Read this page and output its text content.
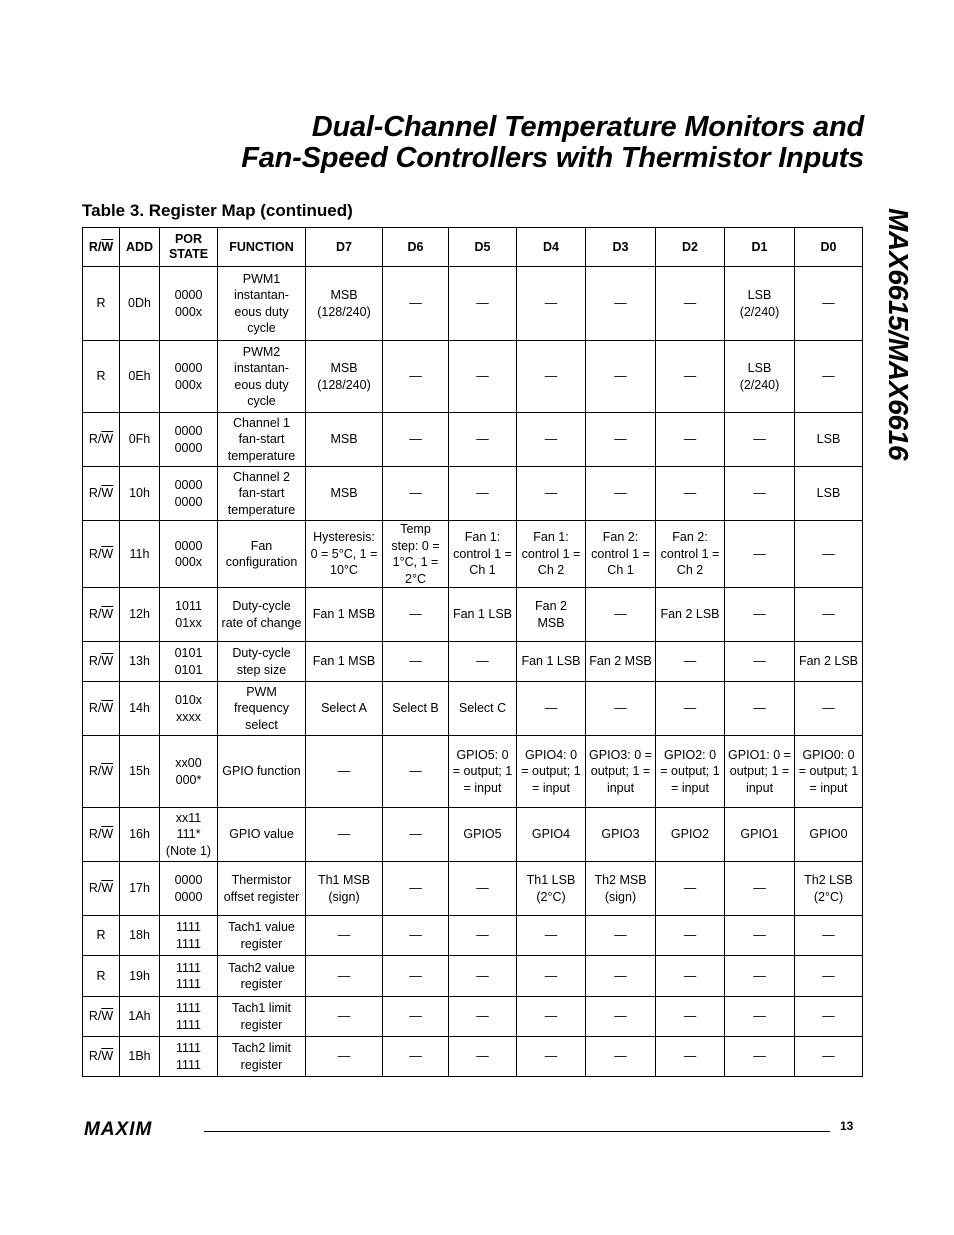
Dual-Channel Temperature Monitors and
Fan-Speed Controllers with Thermistor Inputs
MAX6615/MAX6616
Table 3. Register Map (continued)
$R/\overline{W}$	ADD	POR STATE	FUNCTION	D7	D6	D5	D4	D3	D2	D1	D0
R	0Dh	0000 000x	PWM1 instantan-eous duty cycle	MSB (128/240)	—	—	—	—	—	LSB (2/240)	—
R	0Eh	0000 000x	PWM2 instantan-eous duty cycle	MSB (128/240)	—	—	—	—	—	LSB (2/240)	—
$R/\overline{W}$	0Fh	0000 0000	Channel 1 fan-start temperature	MSB	—	—	—	—	—	—	LSB
$R/\overline{W}$	10h	0000 0000	Channel 2 fan-start temperature	MSB	—	—	—	—	—	—	LSB
$R/\overline{W}$	11h	0000 000x	Fan configuration	Hysteresis: 0 = 5°C, 1 = 10°C	Temp step: 0 = 1°C, 1 = 2°C	Fan 1: control 1 = Ch 1	Fan 1: control 1 = Ch 2	Fan 2: control 1 = Ch 1	Fan 2: control 1 = Ch 2	—	—
$R/\overline{W}$	12h	1011 01xx	Duty-cycle rate of change	Fan 1 MSB	—	Fan 1 LSB	Fan 2 MSB	—	Fan 2 LSB	—	—
$R/\overline{W}$	13h	0101 0101	Duty-cycle step size	Fan 1 MSB	—	—	Fan 1 LSB	Fan 2 MSB	—	—	Fan 2 LSB
$R/\overline{W}$	14h	010x xxxx	PWM frequency select	Select A	Select B	Select C	—	—	—	—	—
$R/\overline{W}$	15h	xx00 000*	GPIO function	—	—	GPIO5: 0 = output; 1 = input	GPIO4: 0 = output; 1 = input	GPIO3: 0 = output; 1 = input	GPIO2: 0 = output; 1 = input	GPIO1: 0 = output; 1 = input	GPIO0: 0 = output; 1 = input
$R/\overline{W}$	16h	xx11 111* (Note 1)	GPIO value	—	—	GPIO5	GPIO4	GPIO3	GPIO2	GPIO1	GPIO0
$R/\overline{W}$	17h	0000 0000	Thermistor offset register	Th1 MSB (sign)	—	—	Th1 LSB (2°C)	Th2 MSB (sign)	—	—	Th2 LSB (2°C)
R	18h	1111 1111	Tach1 value register	—	—	—	—	—	—	—	—
R	19h	1111 1111	Tach2 value register	—	—	—	—	—	—	—	—
$R/\overline{W}$	1Ah	1111 1111	Tach1 limit register	—	—	—	—	—	—	—	—
$R/\overline{W}$	1Bh	1111 1111	Tach2 limit register	—	—	—	—	—	—	—	—
MAXIM	13
